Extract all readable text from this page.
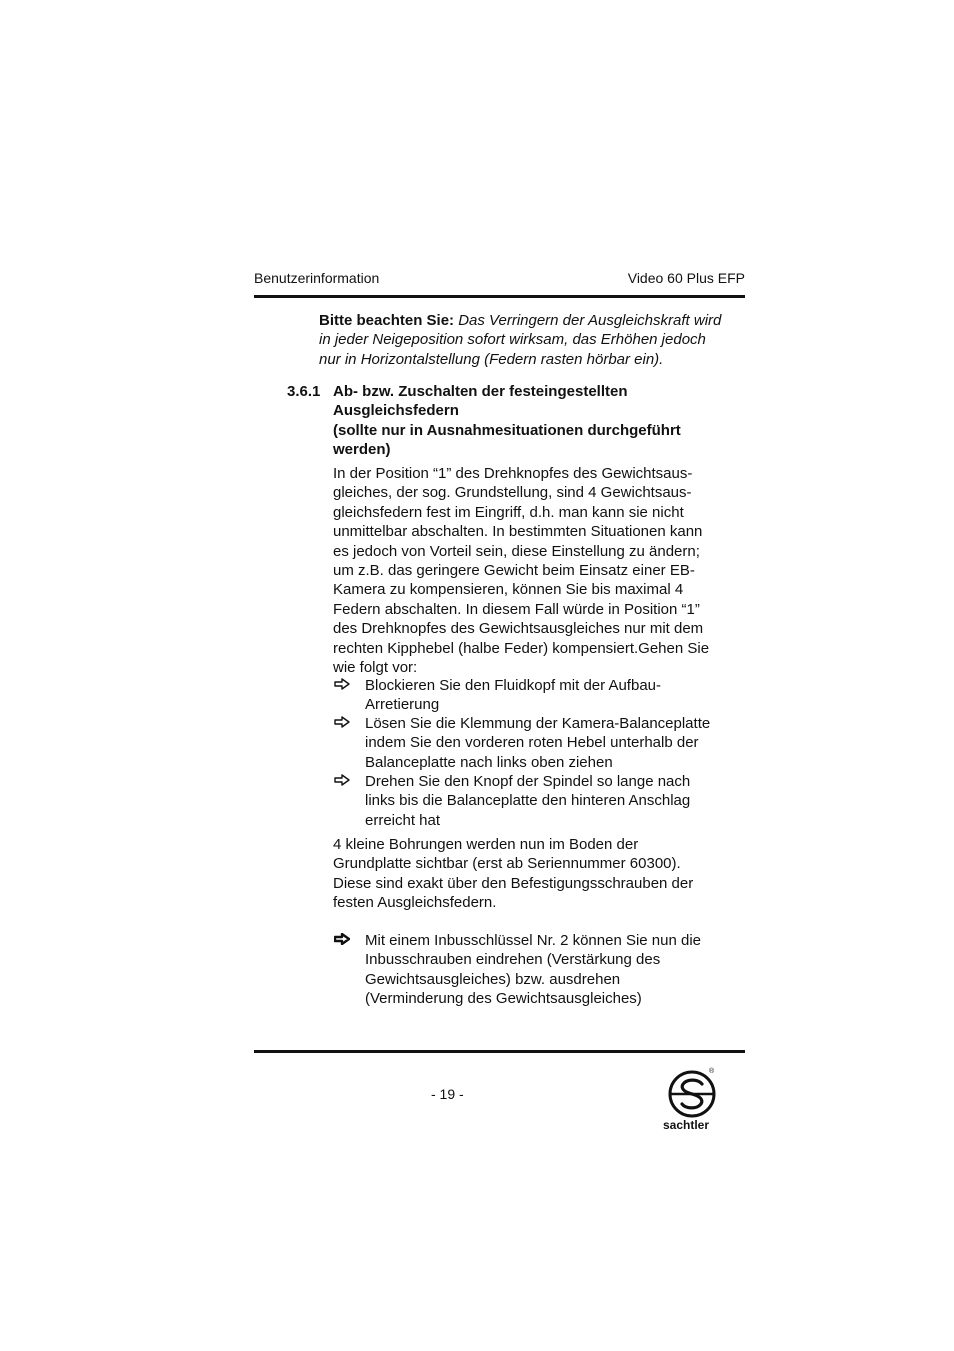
Benutzerinformation	Video 60 Plus EFP
Bitte beachten Sie: Das Verringern der Ausgleichskraft wird
in jeder Neigeposition sofort wirksam, das Erhöhen jedoch
nur in Horizontalstellung (Federn rasten hörbar ein).
3.6.1 Ab- bzw. Zuschalten der festeingestellten
Ausgleichsfedern
(sollte nur in Ausnahmesituationen durchgeführt
werden)
In der Position “1” des Drehknopfes des Gewichtsaus-
gleiches, der sog. Grundstellung, sind 4 Gewichtsaus-
gleichsfedern fest im Eingriff, d.h. man kann sie nicht
unmittelbar abschalten. In bestimmten Situationen kann
es jedoch von Vorteil sein, diese Einstellung zu ändern;
um z.B. das geringere Gewicht beim Einsatz einer EB-
Kamera zu kompensieren, können Sie bis maximal 4
Federn abschalten. In diesem Fall würde in Position “1”
des Drehknopfes des Gewichtsausgleiches nur mit dem
rechten Kipphebel (halbe Feder) kompensiert.Gehen Sie
wie folgt vor:
Blockieren Sie den Fluidkopf mit der Aufbau-
Arretierung
Lösen Sie die Klemmung der Kamera-Balanceplatte
indem Sie den vorderen roten Hebel unterhalb der
Balanceplatte nach links oben ziehen
Drehen Sie den Knopf der Spindel so lange nach
links bis die Balanceplatte den hinteren Anschlag
erreicht hat
4 kleine Bohrungen werden nun im Boden der
Grundplatte sichtbar (erst ab Seriennummer 60300).
Diese sind exakt über den Befestigungsschrauben der
festen Ausgleichsfedern.
Mit einem Inbusschlüssel Nr. 2 können Sie nun die
Inbusschrauben eindrehen (Verstärkung des
Gewichtsausgleiches) bzw. ausdrehen
(Verminderung des Gewichtsausgleiches)
- 19 -
®
sachtler
